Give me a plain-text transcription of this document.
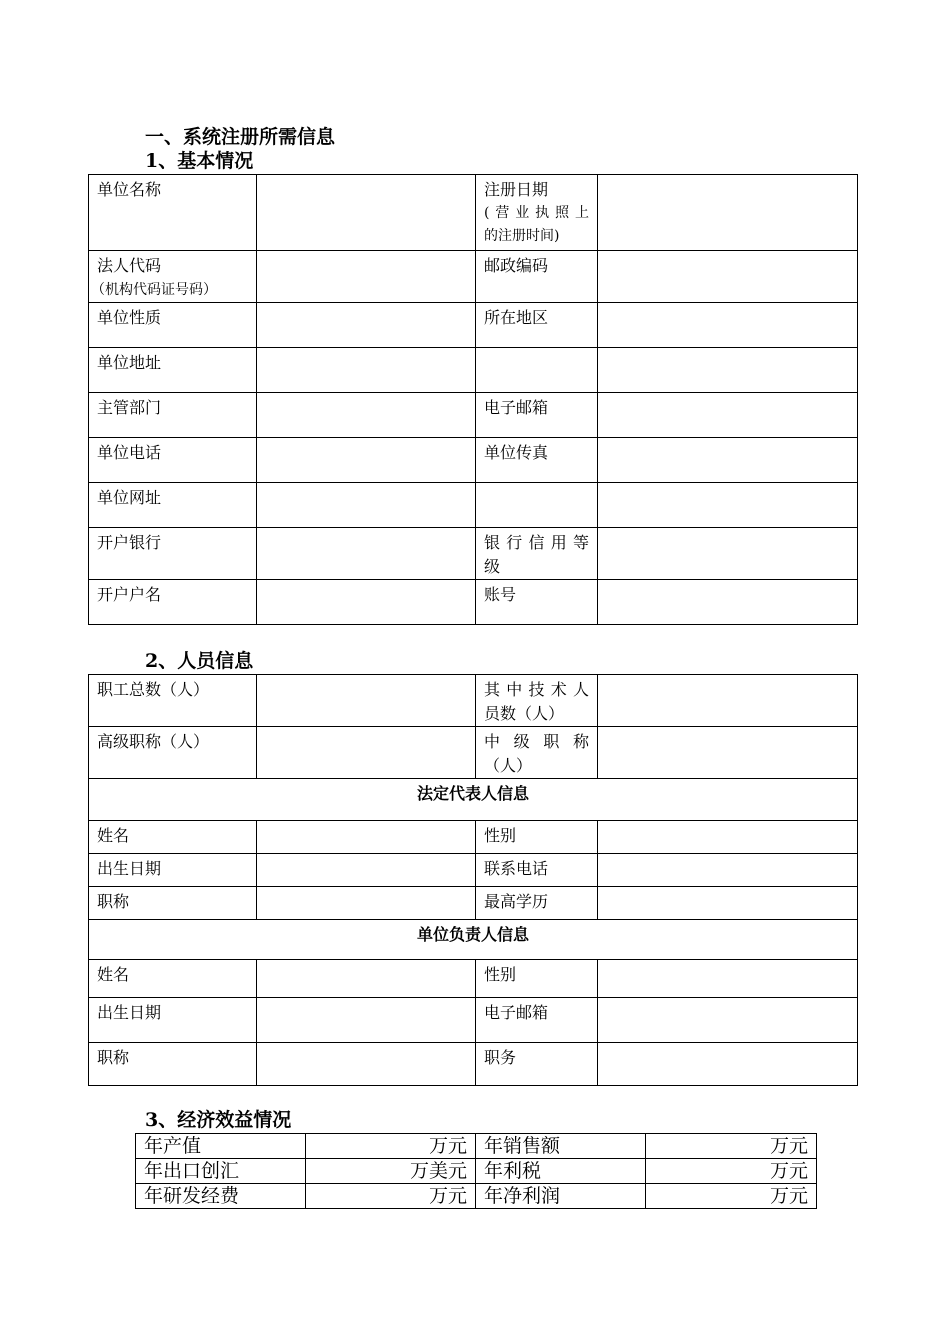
一、系统注册所需信息
1、基本情况
单位名称		注册日期
(营业执照上
的注册时间)	

法人代码
（机构代码证号码）		邮政编码	
单位性质		所在地区	
单位地址			
主管部门		电子邮箱	
单位电话		单位传真	
单位网址			
开户银行		银行信用等
级	

开户户名		账号	
2、人员信息
职工总数（人）		其中技术人
员数（人）	

高级职称（人）		中级职称
（人）	

法定代表人信息			
姓名		性别	
出生日期		联系电话	
职称		最高学历	
单位负责人信息			
姓名		性别	
出生日期		电子邮箱	
职称		职务	
3、经济效益情况
年产值	万元	年销售额	万元
年出口创汇	万美元	年利税	万元
年研发经费	万元	年净利润	万元
